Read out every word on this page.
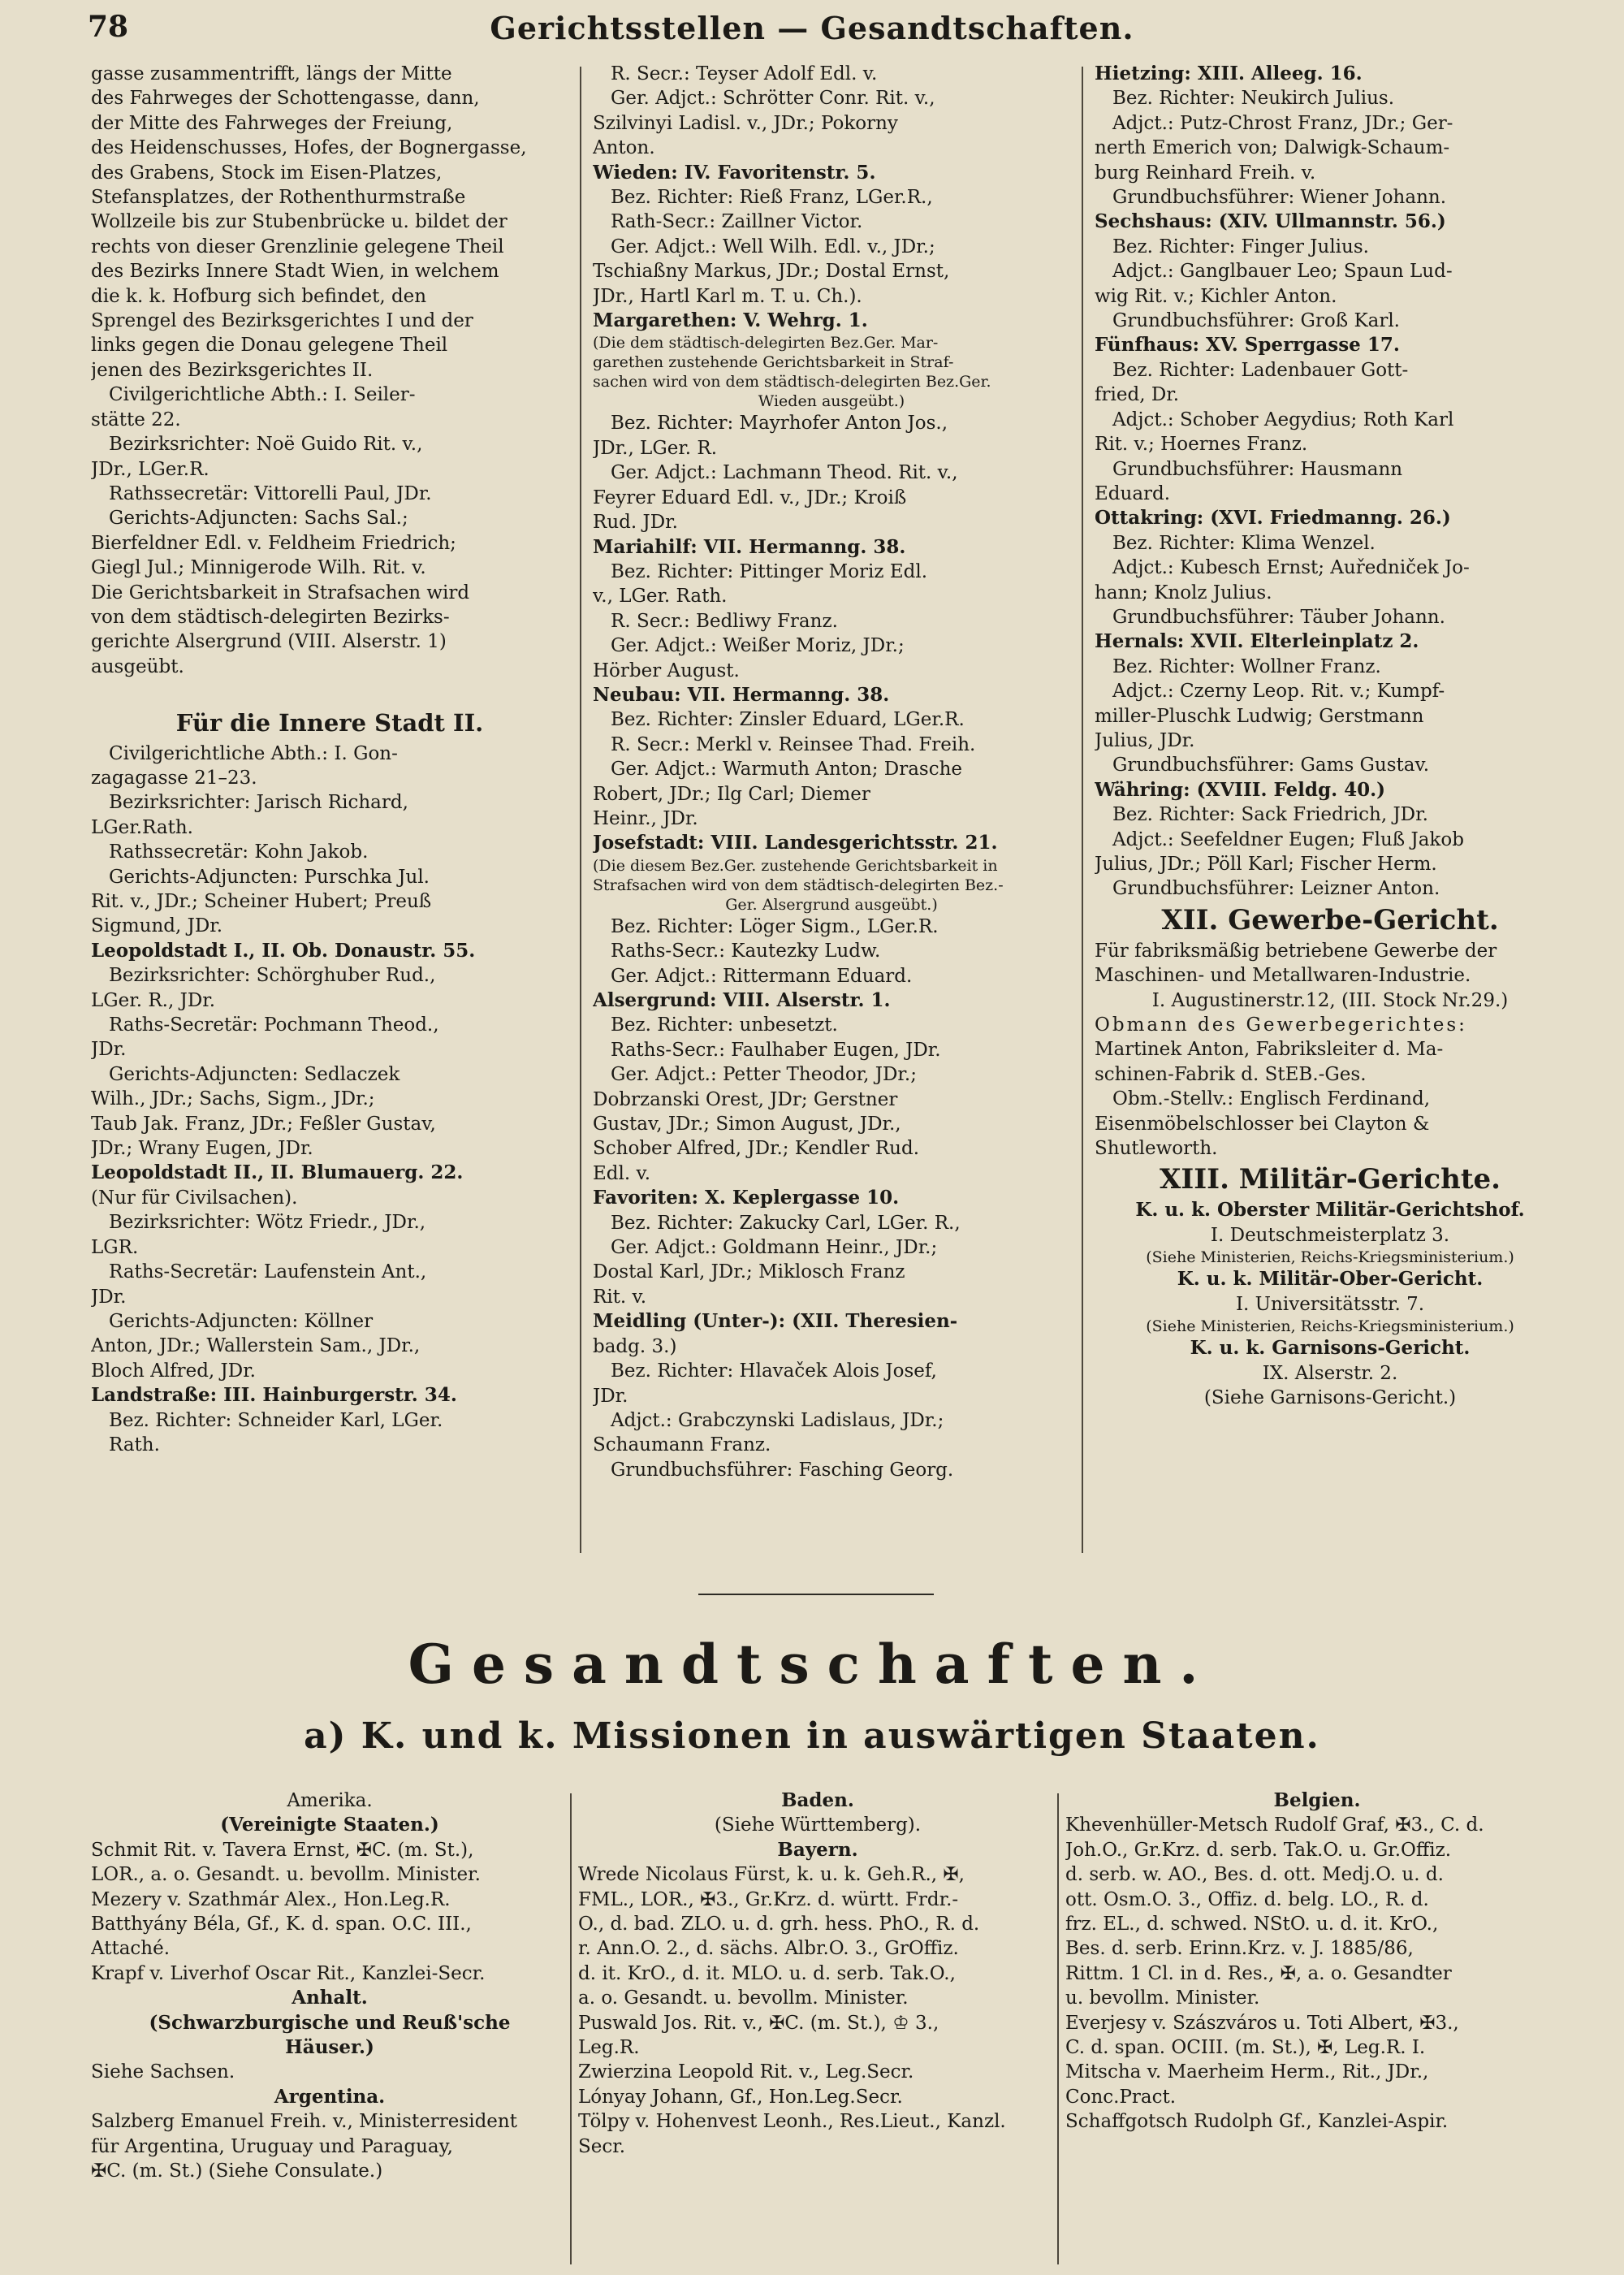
78	Gerichtsstellen — Gesandtschaften.

gasse zusammentrifft, längs der Mitte

des Fahrweges der Schottengasse, dann,

der Mitte des Fahrweges der Freiung,

des Heidenschusses, Hofes, der Bognergasse,

des Grabens, Stock im Eisen-Platzes,

Stefansplatzes, der Rothenthurmstraße

Wollzeile bis zur Stubenbrücke u. bildet der

rechts von dieser Grenzlinie gelegene Theil

des Bezirks Innere Stadt Wien, in welchem

die k. k. Hofburg sich befindet, den

Sprengel des Bezirksgerichtes I und der

links gegen die Donau gelegene Theil

jenen des Bezirksgerichtes II.

Civilgerichtliche Abth.: I. Seiler-

stätte 22.

Bezirksrichter: Noë Guido Rit. v.,

JDr., LGer.R.

Rathssecretär: Vittorelli Paul, JDr.

Gerichts-Adjuncten: Sachs Sal.;

Bierfeldner Edl. v. Feldheim Friedrich;

Giegl Jul.; Minnigerode Wilh. Rit. v.

Die Gerichtsbarkeit in Strafsachen wird

von dem städtisch-delegirten Bezirks-

gerichte Alsergrund (VIII. Alserstr. 1)

ausgeübt.

Für die Innere Stadt II.

Civilgerichtliche Abth.: I. Gon-

zagagasse 21–23.

Bezirksrichter: Jarisch Richard,

LGer.Rath.

Rathssecretär: Kohn Jakob.

Gerichts-Adjuncten: Purschka Jul.

Rit. v., JDr.; Scheiner Hubert; Preuß

Sigmund, JDr.

Leopoldstadt I., II. Ob. Donaustr. 55.

Bezirksrichter: Schörghuber Rud.,

LGer. R., JDr.

Raths-Secretär: Pochmann Theod.,

JDr.

Gerichts-Adjuncten: Sedlaczek

Wilh., JDr.; Sachs, Sigm., JDr.;

Taub Jak. Franz, JDr.; Feßler Gustav,

JDr.; Wrany Eugen, JDr.

Leopoldstadt II., II. Blumauerg. 22.

(Nur für Civilsachen).

Bezirksrichter: Wötz Friedr., JDr.,

LGR.

Raths-Secretär: Laufenstein Ant.,

JDr.

Gerichts-Adjuncten: Köllner

Anton, JDr.; Wallerstein Sam., JDr.,

Bloch Alfred, JDr.

Landstraße: III. Hainburgerstr. 34.

Bez. Richter: Schneider Karl, LGer.

Rath.

R. Secr.: Teyser Adolf Edl. v.

Ger. Adjct.: Schrötter Conr. Rit. v.,

Szilvinyi Ladisl. v., JDr.; Pokorny

Anton.

Wieden: IV. Favoritenstr. 5.

Bez. Richter: Rieß Franz, LGer.R.,

Rath-Secr.: Zaillner Victor.

Ger. Adjct.: Well Wilh. Edl. v., JDr.;

Tschiaßny Markus, JDr.; Dostal Ernst,

JDr., Hartl Karl m. T. u. Ch.).

Margarethen: V. Wehrg. 1.

(Die dem städtisch-delegirten Bez.Ger. Mar-

garethen zustehende Gerichtsbarkeit in Straf-

sachen wird von dem städtisch-delegirten Bez.Ger.

Wieden ausgeübt.)

Bez. Richter: Mayrhofer Anton Jos.,

JDr., LGer. R.

Ger. Adjct.: Lachmann Theod. Rit. v.,

Feyrer Eduard Edl. v., JDr.; Kroiß

Rud. JDr.

Mariahilf: VII. Hermanng. 38.

Bez. Richter: Pittinger Moriz Edl.

v., LGer. Rath.

R. Secr.: Bedliwy Franz.

Ger. Adjct.: Weißer Moriz, JDr.;

Hörber August.

Neubau: VII. Hermanng. 38.

Bez. Richter: Zinsler Eduard, LGer.R.

R. Secr.: Merkl v. Reinsee Thad. Freih.

Ger. Adjct.: Warmuth Anton; Drasche

Robert, JDr.; Ilg Carl; Diemer

Heinr., JDr.

Josefstadt: VIII. Landesgerichtsstr. 21.

(Die diesem Bez.Ger. zustehende Gerichtsbarkeit in

Strafsachen wird von dem städtisch-delegirten Bez.-

Ger. Alsergrund ausgeübt.)

Bez. Richter: Löger Sigm., LGer.R.

Raths-Secr.: Kautezky Ludw.

Ger. Adjct.: Rittermann Eduard.

Alsergrund: VIII. Alserstr. 1.

Bez. Richter: unbesetzt.

Raths-Secr.: Faulhaber Eugen, JDr.

Ger. Adjct.: Petter Theodor, JDr.;

Dobrzanski Orest, JDr; Gerstner

Gustav, JDr.; Simon August, JDr.,

Schober Alfred, JDr.; Kendler Rud.

Edl. v.

Favoriten: X. Keplergasse 10.

Bez. Richter: Zakucky Carl, LGer. R.,

Ger. Adjct.: Goldmann Heinr., JDr.;

Dostal Karl, JDr.; Miklosch Franz

Rit. v.

Meidling (Unter-): (XII. Theresien-

badg. 3.)

Bez. Richter: Hlavaček Alois Josef,

JDr.

Adjct.: Grabczynski Ladislaus, JDr.;

Schaumann Franz.

Grundbuchsführer: Fasching Georg.

Hietzing: XIII. Alleeg. 16.

Bez. Richter: Neukirch Julius.

Adjct.: Putz-Chrost Franz, JDr.; Ger-

nerth Emerich von; Dalwigk-Schaum-

burg Reinhard Freih. v.

Grundbuchsführer: Wiener Johann.

Sechshaus: (XIV. Ullmannstr. 56.)

Bez. Richter: Finger Julius.

Adjct.: Ganglbauer Leo; Spaun Lud-

wig Rit. v.; Kichler Anton.

Grundbuchsführer: Groß Karl.

Fünfhaus: XV. Sperrgasse 17.

Bez. Richter: Ladenbauer Gott-

fried, Dr.

Adjct.: Schober Aegydius; Roth Karl

Rit. v.; Hoernes Franz.

Grundbuchsführer: Hausmann

Eduard.

Ottakring: (XVI. Friedmanng. 26.)

Bez. Richter: Klima Wenzel.

Adjct.: Kubesch Ernst; Auředniček Jo-

hann; Knolz Julius.

Grundbuchsführer: Täuber Johann.

Hernals: XVII. Elterleinplatz 2.

Bez. Richter: Wollner Franz.

Adjct.: Czerny Leop. Rit. v.; Kumpf-

miller-Pluschk Ludwig; Gerstmann

Julius, JDr.

Grundbuchsführer: Gams Gustav.

Währing: (XVIII. Feldg. 40.)

Bez. Richter: Sack Friedrich, JDr.

Adjct.: Seefeldner Eugen; Fluß Jakob

Julius, JDr.; Pöll Karl; Fischer Herm.

Grundbuchsführer: Leizner Anton.

XII. Gewerbe-Gericht.

Für fabriksmäßig betriebene Gewerbe der

Maschinen- und Metallwaren-Industrie.

I. Augustinerstr.12, (III. Stock Nr.29.)

Obmann des Gewerbegerichtes:

Martinek Anton, Fabriksleiter d. Ma-

schinen-Fabrik d. StEB.-Ges.

Obm.-Stellv.: Englisch Ferdinand,

Eisenmöbelschlosser bei Clayton &

Shutleworth.

XIII. Militär-Gerichte.

K. u. k. Oberster Militär-Gerichtshof.

I. Deutschmeisterplatz 3.

(Siehe Ministerien, Reichs-Kriegsministerium.)

K. u. k. Militär-Ober-Gericht.

I. Universitätsstr. 7.

(Siehe Ministerien, Reichs-Kriegsministerium.)

K. u. k. Garnisons-Gericht.

IX. Alserstr. 2.

(Siehe Garnisons-Gericht.)

Gesandtschaften.
a) K. und k. Missionen in auswärtigen Staaten.

Amerika.

(Vereinigte Staaten.)

Schmit Rit. v. Tavera Ernst, ✠C. (m. St.),

LOR., a. o. Gesandt. u. bevollm. Minister.

Mezery v. Szathmár Alex., Hon.Leg.R.

Batthyány Béla, Gf., K. d. span. O.C. III.,

Attaché.

Krapf v. Liverhof Oscar Rit., Kanzlei-Secr.

Anhalt.

(Schwarzburgische und Reuß'sche

Häuser.)

Siehe Sachsen.

Argentina.

Salzberg Emanuel Freih. v., Ministerresident

für Argentina, Uruguay und Paraguay,

✠C. (m. St.) (Siehe Consulate.)

Baden.

(Siehe Württemberg).

Bayern.

Wrede Nicolaus Fürst, k. u. k. Geh.R., ✠,

FML., LOR., ✠3., Gr.Krz. d. württ. Frdr.-

O., d. bad. ZLO. u. d. grh. hess. PhO., R. d.

r. Ann.O. 2., d. sächs. Albr.O. 3., GrOffiz.

d. it. KrO., d. it. MLO. u. d. serb. Tak.O.,

a. o. Gesandt. u. bevollm. Minister.

Puswald Jos. Rit. v., ✠C. (m. St.), ♔ 3.,

Leg.R.

Zwierzina Leopold Rit. v., Leg.Secr.

Lónyay Johann, Gf., Hon.Leg.Secr.

Tölpy v. Hohenvest Leonh., Res.Lieut., Kanzl.

Secr.

Belgien.

Khevenhüller-Metsch Rudolf Graf, ✠3., C. d.

Joh.O., Gr.Krz. d. serb. Tak.O. u. Gr.Offiz.

d. serb. w. AO., Bes. d. ott. Medj.O. u. d.

ott. Osm.O. 3., Offiz. d. belg. LO., R. d.

frz. EL., d. schwed. NStO. u. d. it. KrO.,

Bes. d. serb. Erinn.Krz. v. J. 1885/86,

Rittm. 1 Cl. in d. Res., ✠, a. o. Gesandter

u. bevollm. Minister.

Everjesy v. Szászváros u. Toti Albert, ✠3.,

C. d. span. OCIII. (m. St.), ✠, Leg.R. I.

Mitscha v. Maerheim Herm., Rit., JDr.,

Conc.Pract.

Schaffgotsch Rudolph Gf., Kanzlei-Aspir.
